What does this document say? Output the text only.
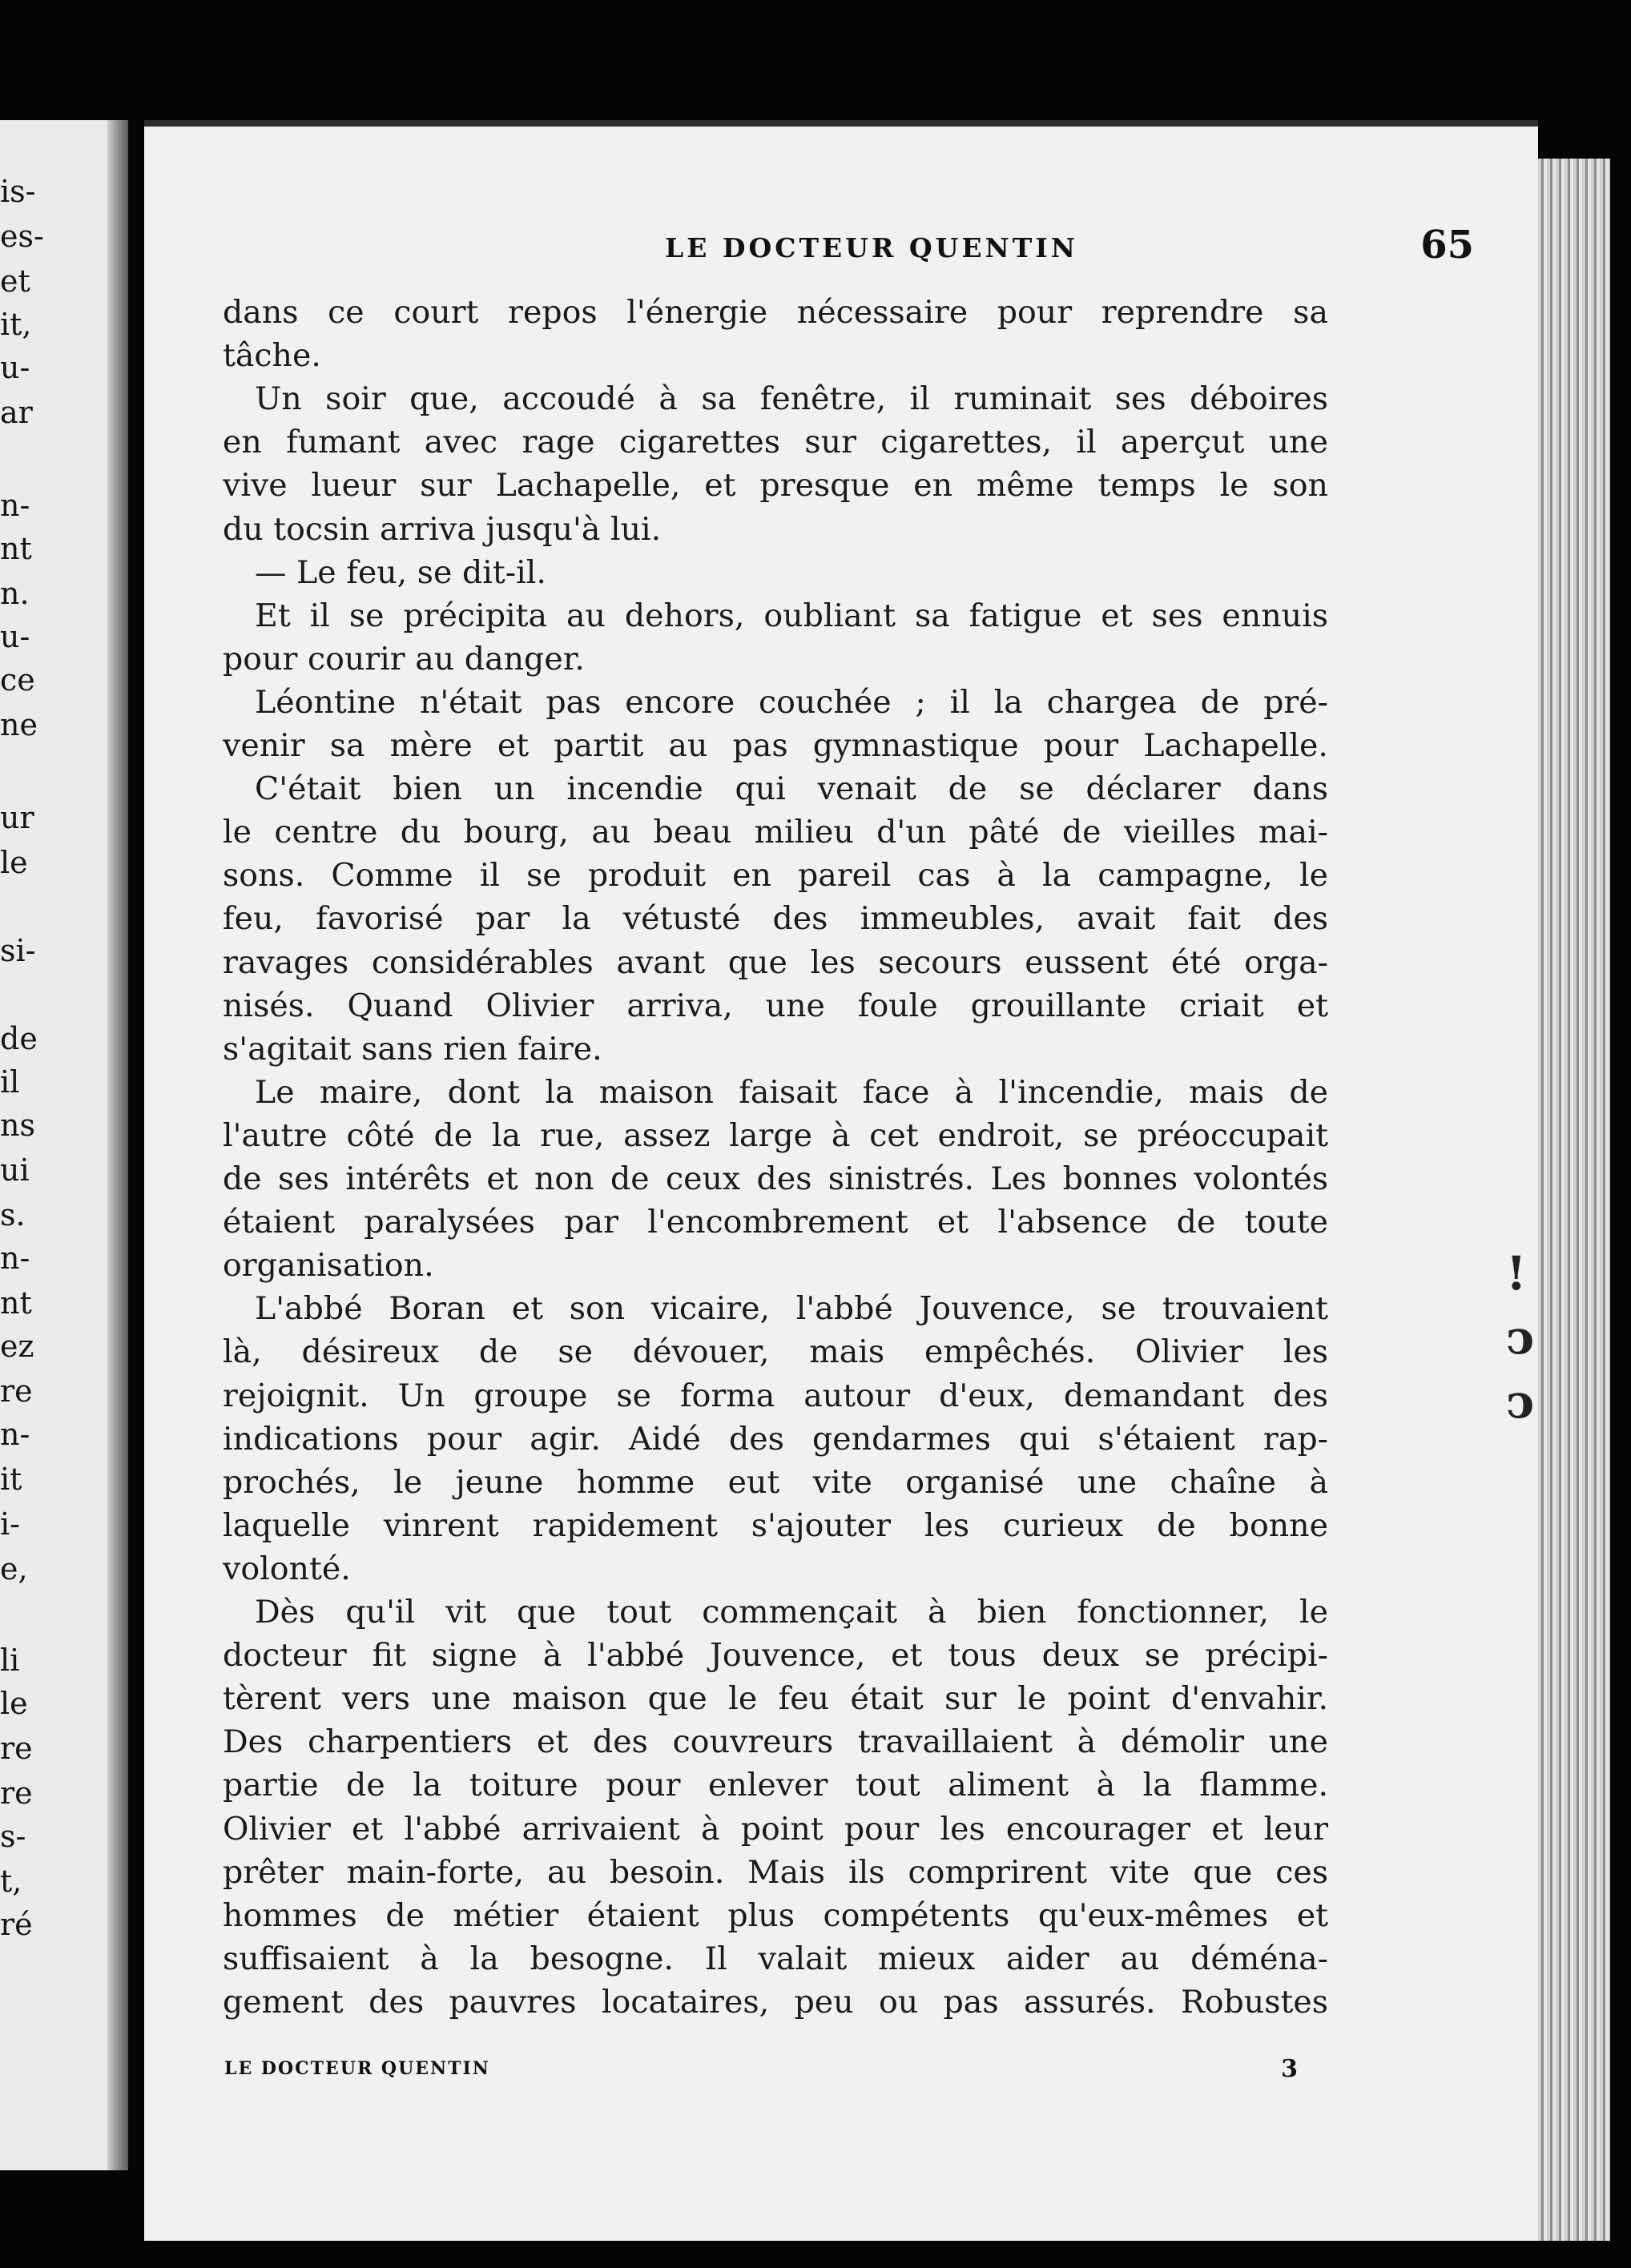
is-
es-
et
it,
u-
ar
n-
nt
n.
u-
ce
ne
ur
le
si-
de
il
ns
ui
s.
n-
nt
ez
re
n-
it
i-
e,
li
le
re
re
s-
t,
ré
LE DOCTEUR QUENTIN	65
dans ce court repos l'énergie nécessaire pour reprendre sa
tâche.
Un soir que, accoudé à sa fenêtre, il ruminait ses déboires
en fumant avec rage cigarettes sur cigarettes, il aperçut une
vive lueur sur Lachapelle, et presque en même temps le son
du tocsin arriva jusqu'à lui.
— Le feu, se dit-il.
Et il se précipita au dehors, oubliant sa fatigue et ses ennuis
pour courir au danger.
Léontine n'était pas encore couchée ; il la chargea de pré-
venir sa mère et partit au pas gymnastique pour Lachapelle.
C'était bien un incendie qui venait de se déclarer dans
le centre du bourg, au beau milieu d'un pâté de vieilles mai-
sons. Comme il se produit en pareil cas à la campagne, le
feu, favorisé par la vétusté des immeubles, avait fait des
ravages considérables avant que les secours eussent été orga-
nisés. Quand Olivier arriva, une foule grouillante criait et
s'agitait sans rien faire.
Le maire, dont la maison faisait face à l'incendie, mais de
l'autre côté de la rue, assez large à cet endroit, se préoccupait
de ses intérêts et non de ceux des sinistrés. Les bonnes volontés
étaient paralysées par l'encombrement et l'absence de toute
organisation.
L'abbé Boran et son vicaire, l'abbé Jouvence, se trouvaient
là, désireux de se dévouer, mais empêchés. Olivier les
rejoignit. Un groupe se forma autour d'eux, demandant des
indications pour agir. Aidé des gendarmes qui s'étaient rap-
prochés, le jeune homme eut vite organisé une chaîne à
laquelle vinrent rapidement s'ajouter les curieux de bonne
volonté.
Dès qu'il vit que tout commençait à bien fonctionner, le
docteur fit signe à l'abbé Jouvence, et tous deux se précipi-
tèrent vers une maison que le feu était sur le point d'envahir.
Des charpentiers et des couvreurs travaillaient à démolir une
partie de la toiture pour enlever tout aliment à la flamme.
Olivier et l'abbé arrivaient à point pour les encourager et leur
prêter main-forte, au besoin. Mais ils comprirent vite que ces
hommes de métier étaient plus compétents qu'eux-mêmes et
suffisaient à la besogne. Il valait mieux aider au déména-
gement des pauvres locataires, peu ou pas assurés. Robustes
LE DOCTEUR QUENTIN	3
!
ↄ
ↄ
